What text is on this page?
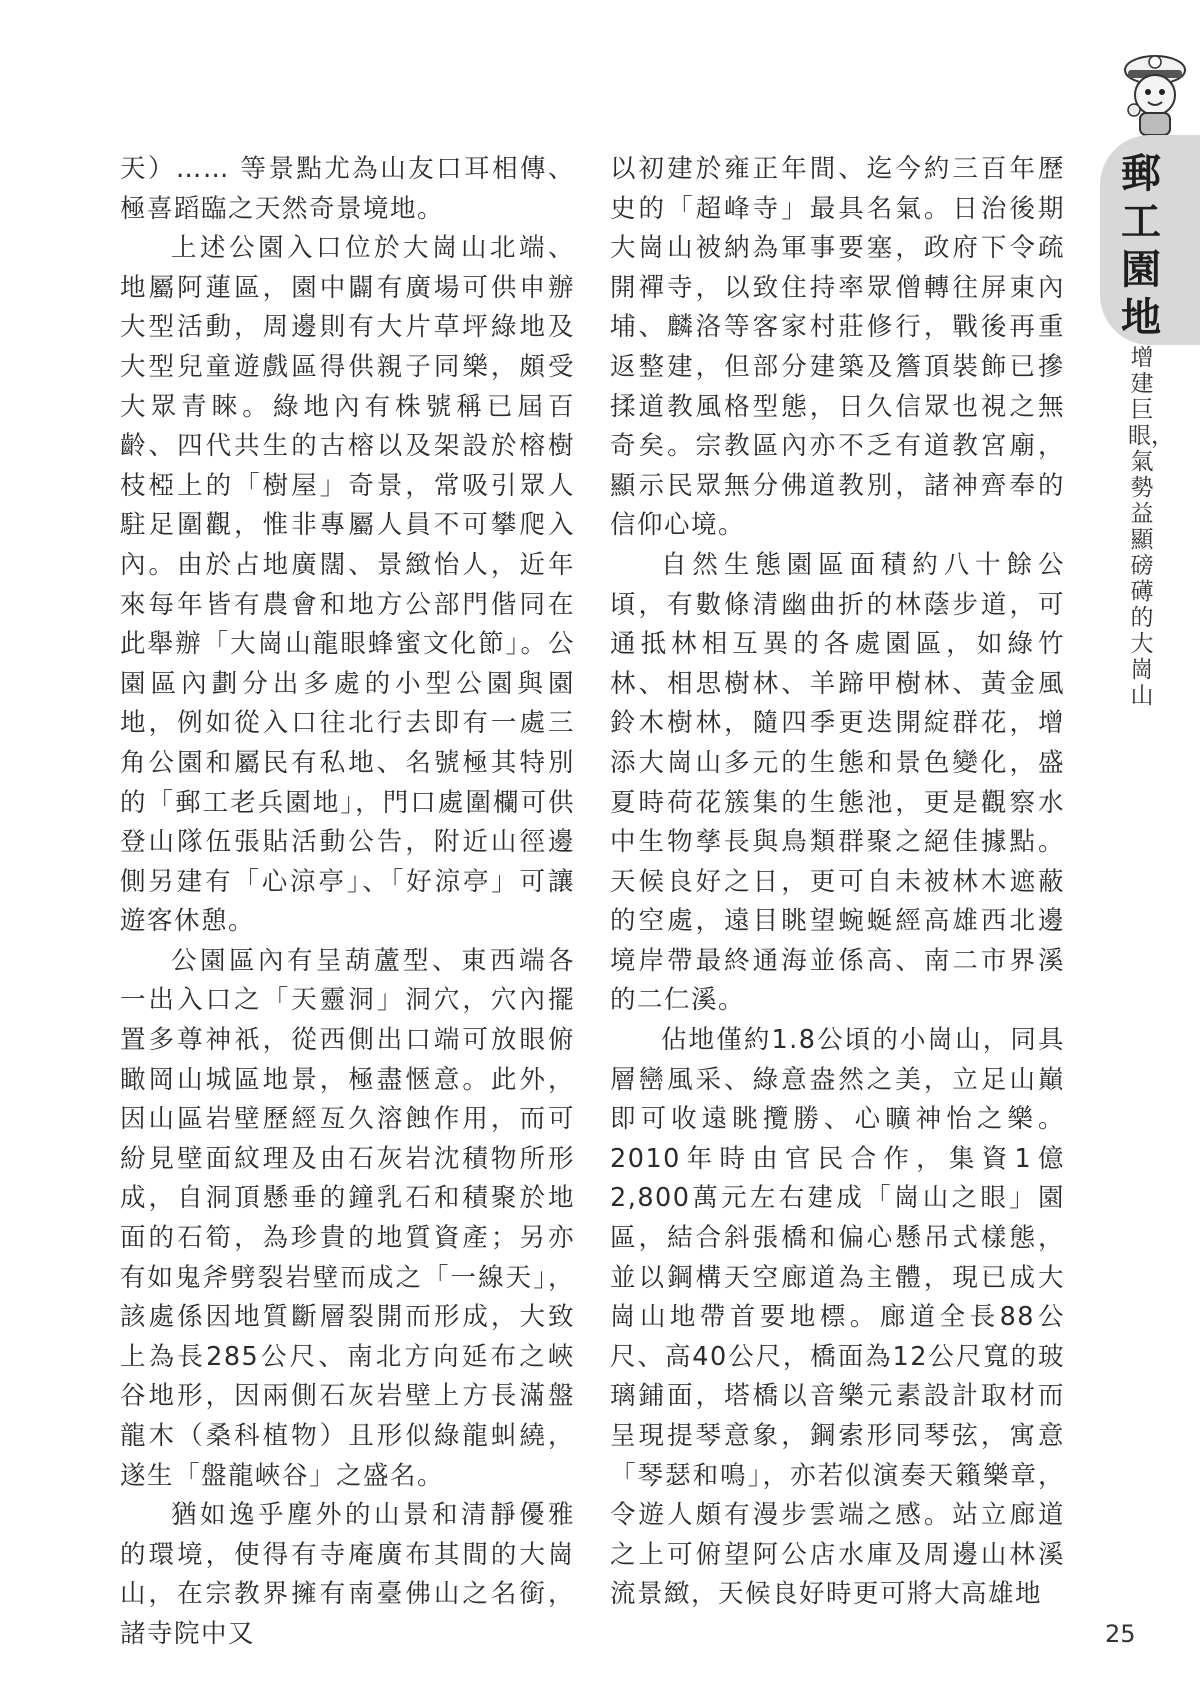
郵工園地
增建巨眼，氣勢益顯磅礡的大崗山

天）…… 等景點尤為山友口耳相傳、極喜蹈臨之天然奇景境地。

上述公園入口位於大崗山北端、地屬阿蓮區，園中闢有廣場可供申辦大型活動，周邊則有大片草坪綠地及大型兒童遊戲區得供親子同樂，頗受大眾青睞。綠地內有株號稱已屆百齡、四代共生的古榕以及架設於榕樹枝椏上的「樹屋」奇景，常吸引眾人駐足圍觀，惟非專屬人員不可攀爬入內。由於占地廣闊、景緻怡人，近年來每年皆有農會和地方公部門偕同在此舉辦「大崗山龍眼蜂蜜文化節」。公園區內劃分出多處的小型公園與園地，例如從入口往北行去即有一處三角公園和屬民有私地、名號極其特別的「郵工老兵園地」，門口處圍欄可供登山隊伍張貼活動公告，附近山徑邊側另建有「心涼亭」、「好涼亭」可讓遊客休憩。

公園區內有呈葫蘆型、東西端各一出入口之「天靈洞」洞穴，穴內擺置多尊神祇，從西側出口端可放眼俯瞰岡山城區地景，極盡愜意。此外，因山區岩壁歷經亙久溶蝕作用，而可紛見壁面紋理及由石灰岩沈積物所形成，自洞頂懸垂的鐘乳石和積聚於地面的石筍，為珍貴的地質資產；另亦有如鬼斧劈裂岩壁而成之「一線天」，該處係因地質斷層裂開而形成，大致上為長285公尺、南北方向延布之峽谷地形，因兩側石灰岩壁上方長滿盤龍木（桑科植物）且形似綠龍虯繞，遂生「盤龍峽谷」之盛名。

猶如逸乎塵外的山景和清靜優雅的環境，使得有寺庵廣布其間的大崗山，在宗教界擁有南臺佛山之名銜，諸寺院中又

以初建於雍正年間、迄今約三百年歷史的「超峰寺」最具名氣。日治後期大崗山被納為軍事要塞，政府下令疏開禪寺，以致住持率眾僧轉往屏東內埔、麟洛等客家村莊修行，戰後再重返整建，但部分建築及簷頂裝飾已摻揉道教風格型態，日久信眾也視之無奇矣。宗教區內亦不乏有道教宮廟，顯示民眾無分佛道教別，諸神齊奉的信仰心境。

自然生態園區面積約八十餘公頃，有數條清幽曲折的林蔭步道，可通抵林相互異的各處園區，如綠竹林、相思樹林、羊蹄甲樹林、黃金風鈴木樹林，隨四季更迭開綻群花，增添大崗山多元的生態和景色變化，盛夏時荷花簇集的生態池，更是觀察水中生物孳長與鳥類群聚之絕佳據點。天候良好之日，更可自未被林木遮蔽的空處，遠目眺望蜿蜒經高雄西北邊境岸帶最終通海並係高、南二市界溪的二仁溪。

佔地僅約1.8公頃的小崗山，同具層巒風采、綠意盎然之美，立足山巔即可收遠眺攬勝、心曠神怡之樂。2010年時由官民合作，集資1億2,800萬元左右建成「崗山之眼」園區，結合斜張橋和偏心懸吊式樣態，並以鋼構天空廊道為主體，現已成大崗山地帶首要地標。廊道全長88公尺、高40公尺，橋面為12公尺寬的玻璃鋪面，塔橋以音樂元素設計取材而呈現提琴意象，鋼索形同琴弦，寓意「琴瑟和鳴」，亦若似演奏天籟樂章，令遊人頗有漫步雲端之感。站立廊道之上可俯望阿公店水庫及周邊山林溪流景緻，天候良好時更可將大高雄地

25
